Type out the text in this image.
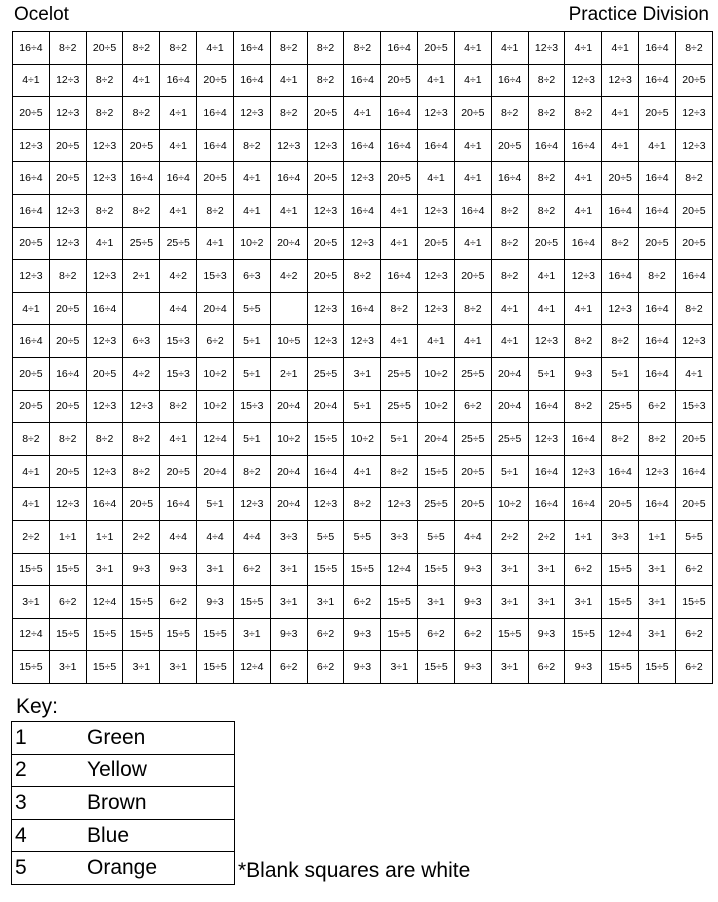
Ocelot	Practice Division
16÷4	8÷2	20÷5	8÷2	8÷2	4÷1	16÷4	8÷2	8÷2	8÷2	16÷4	20÷5	4÷1	4÷1	12÷3	4÷1	4÷1	16÷4	8÷2
4÷1	12÷3	8÷2	4÷1	16÷4	20÷5	16÷4	4÷1	8÷2	16÷4	20÷5	4÷1	4÷1	16÷4	8÷2	12÷3	12÷3	16÷4	20÷5
20÷5	12÷3	8÷2	8÷2	4÷1	16÷4	12÷3	8÷2	20÷5	4÷1	16÷4	12÷3	20÷5	8÷2	8÷2	8÷2	4÷1	20÷5	12÷3
12÷3	20÷5	12÷3	20÷5	4÷1	16÷4	8÷2	12÷3	12÷3	16÷4	16÷4	16÷4	4÷1	20÷5	16÷4	16÷4	4÷1	4÷1	12÷3
16÷4	20÷5	12÷3	16÷4	16÷4	20÷5	4÷1	16÷4	20÷5	12÷3	20÷5	4÷1	4÷1	16÷4	8÷2	4÷1	20÷5	16÷4	8÷2
16÷4	12÷3	8÷2	8÷2	4÷1	8÷2	4÷1	4÷1	12÷3	16÷4	4÷1	12÷3	16÷4	8÷2	8÷2	4÷1	16÷4	16÷4	20÷5
20÷5	12÷3	4÷1	25÷5	25÷5	4÷1	10÷2	20÷4	20÷5	12÷3	4÷1	20÷5	4÷1	8÷2	20÷5	16÷4	8÷2	20÷5	20÷5
12÷3	8÷2	12÷3	2÷1	4÷2	15÷3	6÷3	4÷2	20÷5	8÷2	16÷4	12÷3	20÷5	8÷2	4÷1	12÷3	16÷4	8÷2	16÷4
4÷1	20÷5	16÷4		4÷4	20÷4	5÷5		12÷3	16÷4	8÷2	12÷3	8÷2	4÷1	4÷1	4÷1	12÷3	16÷4	8÷2
16÷4	20÷5	12÷3	6÷3	15÷3	6÷2	5÷1	10÷5	12÷3	12÷3	4÷1	4÷1	4÷1	4÷1	12÷3	8÷2	8÷2	16÷4	12÷3
20÷5	16÷4	20÷5	4÷2	15÷3	10÷2	5÷1	2÷1	25÷5	3÷1	25÷5	10÷2	25÷5	20÷4	5÷1	9÷3	5÷1	16÷4	4÷1
20÷5	20÷5	12÷3	12÷3	8÷2	10÷2	15÷3	20÷4	20÷4	5÷1	25÷5	10÷2	6÷2	20÷4	16÷4	8÷2	25÷5	6÷2	15÷3
8÷2	8÷2	8÷2	8÷2	4÷1	12÷4	5÷1	10÷2	15÷5	10÷2	5÷1	20÷4	25÷5	25÷5	12÷3	16÷4	8÷2	8÷2	20÷5
4÷1	20÷5	12÷3	8÷2	20÷5	20÷4	8÷2	20÷4	16÷4	4÷1	8÷2	15÷5	20÷5	5÷1	16÷4	12÷3	16÷4	12÷3	16÷4
4÷1	12÷3	16÷4	20÷5	16÷4	5÷1	12÷3	20÷4	12÷3	8÷2	12÷3	25÷5	20÷5	10÷2	16÷4	16÷4	20÷5	16÷4	20÷5
2÷2	1÷1	1÷1	2÷2	4÷4	4÷4	4÷4	3÷3	5÷5	5÷5	3÷3	5÷5	4÷4	2÷2	2÷2	1÷1	3÷3	1÷1	5÷5
15÷5	15÷5	3÷1	9÷3	9÷3	3÷1	6÷2	3÷1	15÷5	15÷5	12÷4	15÷5	9÷3	3÷1	3÷1	6÷2	15÷5	3÷1	6÷2
3÷1	6÷2	12÷4	15÷5	6÷2	9÷3	15÷5	3÷1	3÷1	6÷2	15÷5	3÷1	9÷3	3÷1	3÷1	3÷1	15÷5	3÷1	15÷5
12÷4	15÷5	15÷5	15÷5	15÷5	15÷5	3÷1	9÷3	6÷2	9÷3	15÷5	6÷2	6÷2	15÷5	9÷3	15÷5	12÷4	3÷1	6÷2
15÷5	3÷1	15÷5	3÷1	3÷1	15÷5	12÷4	6÷2	6÷2	9÷3	3÷1	15÷5	9÷3	3÷1	6÷2	9÷3	15÷5	15÷5	6÷2
Key:
1	Green
2	Yellow
3	Brown
4	Blue
5	Orange	*Blank squares are white
